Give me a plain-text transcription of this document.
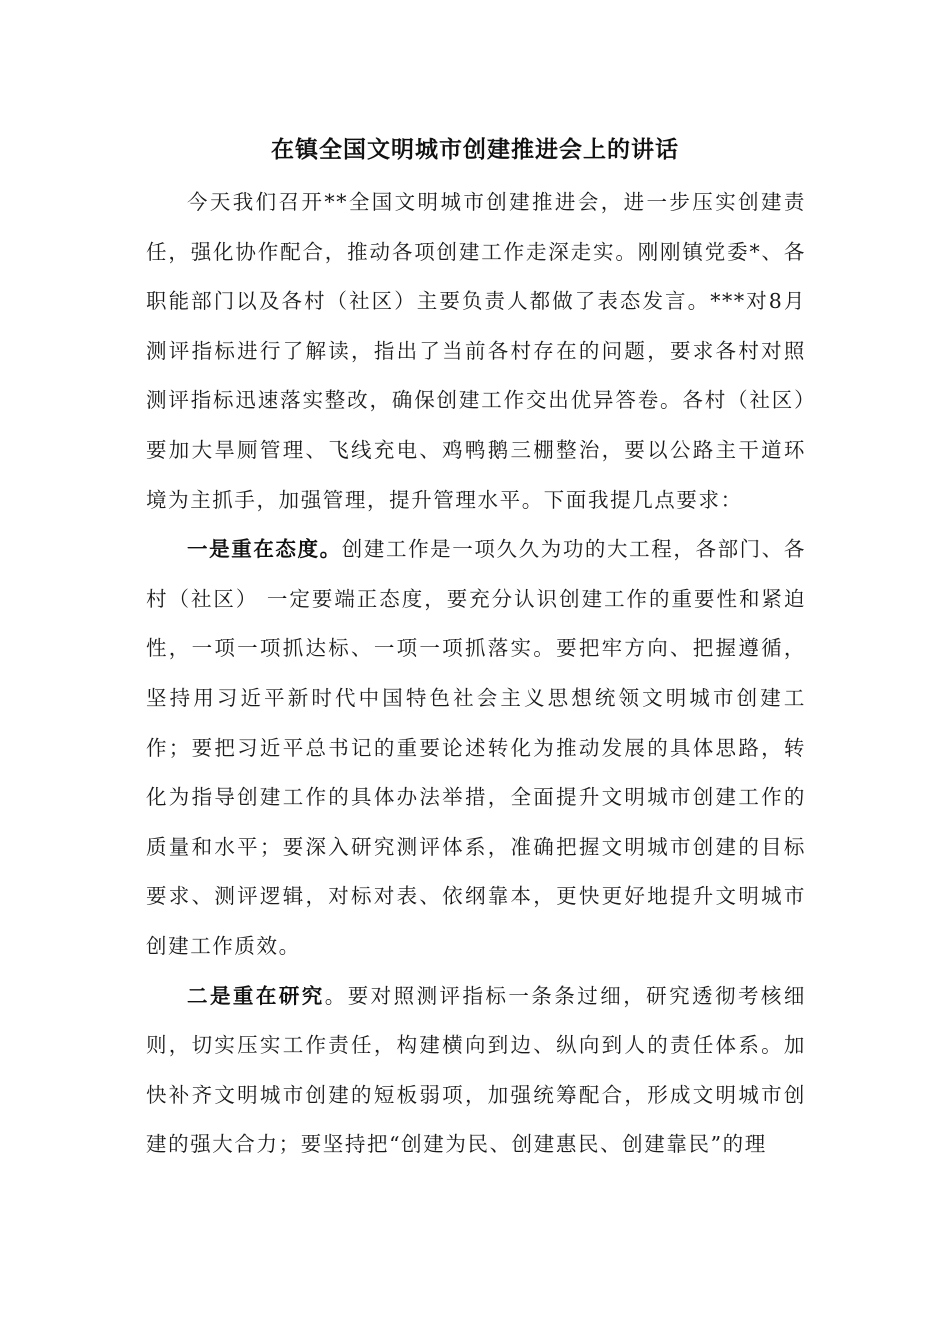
在镇全国文明城市创建推进会上的讲话

今天我们召开**全国文明城市创建推进会，进一步压实创建责任，强化协作配合，推动各项创建工作走深走实。刚刚镇党委*、各职能部门以及各村（社区）主要负责人都做了表态发言。***对8月测评指标进行了解读，指出了当前各村存在的问题，要求各村对照测评指标迅速落实整改，确保创建工作交出优异答卷。各村（社区）要加大旱厕管理、飞线充电、鸡鸭鹅三棚整治，要以公路主干道环境为主抓手，加强管理，提升管理水平。下面我提几点要求：

一是重在态度。创建工作是一项久久为功的大工程，各部门、各村（社区） 一定要端正态度，要充分认识创建工作的重要性和紧迫性，一项一项抓达标、一项一项抓落实。要把牢方向、把握遵循，坚持用习近平新时代中国特色社会主义思想统领文明城市创建工作；要把习近平总书记的重要论述转化为推动发展的具体思路，转化为指导创建工作的具体办法举措，全面提升文明城市创建工作的质量和水平；要深入研究测评体系，准确把握文明城市创建的目标要求、测评逻辑，对标对表、依纲靠本，更快更好地提升文明城市创建工作质效。

二是重在研究。要对照测评指标一条条过细，研究透彻考核细则，切实压实工作责任，构建横向到边、纵向到人的责任体系。加快补齐文明城市创建的短板弱项，加强统筹配合，形成文明城市创建的强大合力；要坚持把“创建为民、创建惠民、创建靠民”的理
